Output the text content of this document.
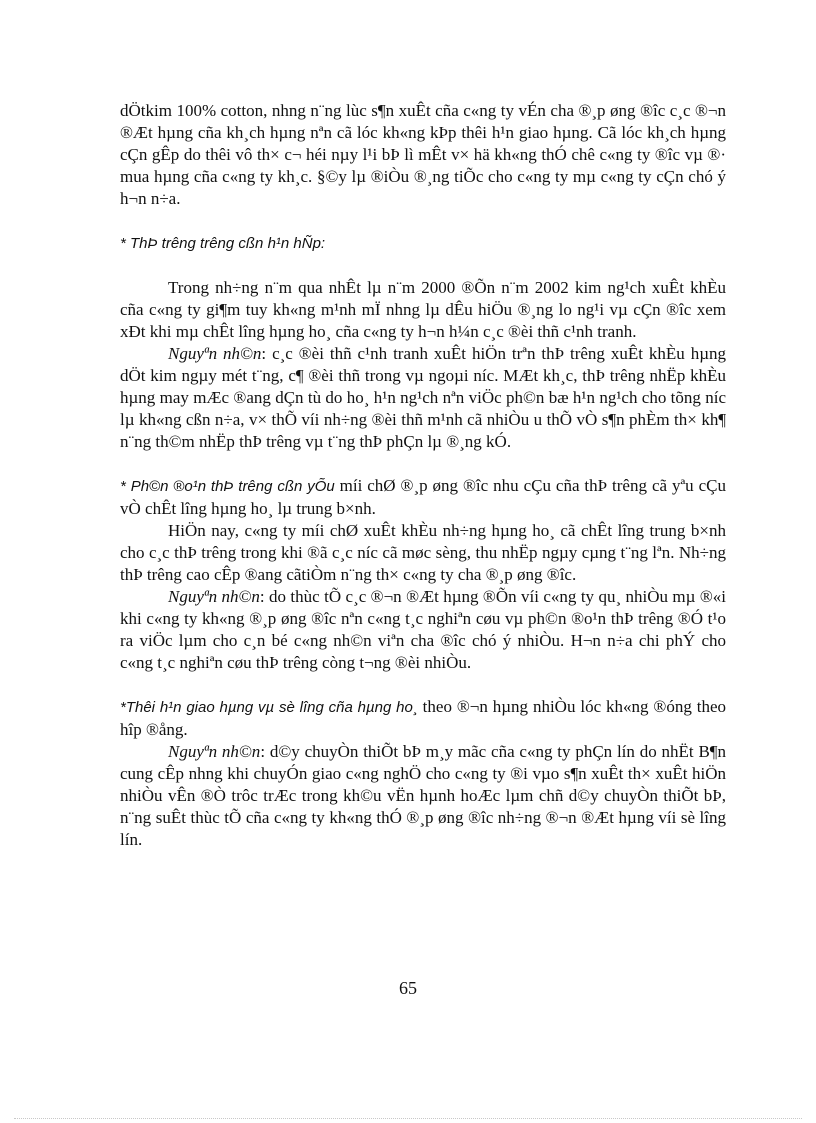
dÖtkim 100% cotton, nhng n¨ng lùc s¶n xuÊt cña c«ng ty vÉn cha ®¸p øng ®îc c¸c ®¬n ®Æt hµng cña kh¸ch hµng nªn cã lóc kh«ng kÞp thêi h¹n giao hµng. Cã lóc kh¸ch hµng cÇn gÊp do thêi vô th× c¬ héi nµy l¹i bÞ lì mÊt v× hä kh«ng thÓ chê c«ng ty ®îc vµ ®· mua hµng cña c«ng ty kh¸c. §©y lµ ®iÒu ®¸ng tiÕc cho c«ng ty mµ c«ng ty cÇn chó ý h¬n n÷a.

* ThÞ trêng trêng cßn h¹n hÑp:

Trong nh÷ng n¨m qua nhÊt lµ n¨m 2000 ®Õn n¨m 2002 kim ng¹ch xuÊt khÈu cña c«ng ty gi¶m tuy kh«ng m¹nh mÏ nhng lµ dÊu hiÖu ®¸ng lo ng¹i vµ cÇn ®îc xem xÐt khi mµ chÊt lîng hµng ho¸ cña c«ng ty h¬n h¼n c¸c ®èi thñ c¹nh tranh.

Nguyªn nh©n: c¸c ®èi thñ c¹nh tranh xuÊt hiÖn trªn thÞ trêng xuÊt khÈu hµng dÖt kim ngµy mét t¨ng, c¶ ®èi thñ trong vµ ngoµi níc. MÆt kh¸c, thÞ trêng nhËp khÈu hµng may mÆc ®ang dÇn tù do ho¸ h¹n ng¹ch nªn viÖc ph©n bæ h¹n ng¹ch cho tõng níc lµ kh«ng cßn n÷a, v× thÕ víi nh÷ng ®èi thñ m¹nh cã nhiÒu u thÕ vÒ s¶n phÈm th× kh¶ n¨ng th©m nhËp thÞ trêng vµ t¨ng thÞ phÇn lµ ®¸ng kÓ.

* Ph©n ®o¹n thÞ trêng cßn yÕu míi chØ ®¸p øng ®îc nhu cÇu cña thÞ trêng cã yªu cÇu vÒ chÊt lîng hµng ho¸ lµ trung b×nh.

HiÖn nay, c«ng ty míi chØ xuÊt khÈu nh÷ng hµng ho¸ cã chÊt lîng trung b×nh cho c¸c thÞ trêng trong khi ®ã c¸c níc cã møc sèng, thu nhËp ngµy cµng t¨ng lªn. Nh÷ng thÞ trêng cao cÊp ®ang cãtiÒm n¨ng th× c«ng ty cha ®¸p øng ®îc.

Nguyªn nh©n: do thùc tÕ c¸c ®¬n ®Æt hµng ®Õn víi c«ng ty qu¸ nhiÒu mµ ®«i khi c«ng ty kh«ng ®¸p øng ®îc nªn c«ng t¸c nghiªn cøu vµ ph©n ®o¹n thÞ trêng ®Ó t¹o ra viÖc lµm cho c¸n bé c«ng nh©n viªn cha ®îc chó ý nhiÒu. H¬n n÷a chi phÝ cho c«ng t¸c nghiªn cøu thÞ trêng còng t¬ng ®èi nhiÒu.

*Thêi h¹n giao hµng vµ sè lîng cña hµng ho¸ theo ®¬n hµng nhiÒu lóc kh«ng ®óng theo hîp ®ång.

Nguyªn nh©n: d©y chuyÒn thiÕt bÞ m¸y mãc cña c«ng ty phÇn lín do nhËt B¶n cung cÊp nhng khi chuyÓn giao c«ng nghÖ cho c«ng ty ®i vµo s¶n xuÊt th× xuÊt hiÖn nhiÒu vÊn ®Ò trôc trÆc trong kh©u vËn hµnh hoÆc lµm chñ d©y chuyÒn thiÕt bÞ, n¨ng suÊt thùc tÕ cña c«ng ty kh«ng thÓ ®¸p øng ®îc nh÷ng ®¬n ®Æt hµng víi sè lîng lín.

65
